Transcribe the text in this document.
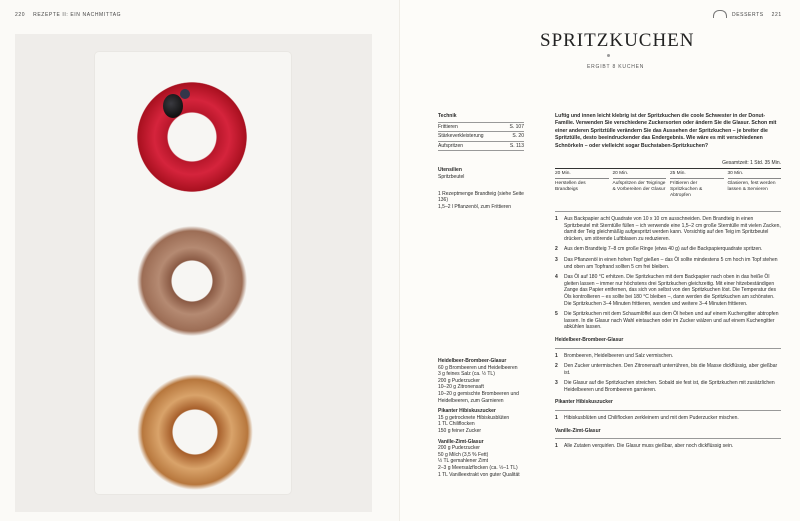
220 REZEPTE II: EIN NACHMITTAG	DESSERTS 221
SPRITZKUCHEN
ERGIBT 8 KUCHEN
Technik
Frittieren	S. 107
Stärkeverkleisterung	S. 20
Aufspritzen	S. 113
Utensilien
Spritzbeutel
1 Rezeptmenge Brandteig (siehe Seite 136)
1,5–2 l Pflanzenöl, zum Frittieren
Heidelbeer-Brombeer-Glasur
60 g Brombeeren und Heidelbeeren
3 g feines Salz (ca. ½ TL)
200 g Puderzucker
10–20 g Zitronensaft
10–20 g gemischte Brombeeren und Heidelbeeren, zum Garnieren
Pikanter Hibiskuszucker
15 g getrocknete Hibiskusblüten
1 TL Chiliflocken
150 g feiner Zucker
Vanille-Zimt-Glasur
200 g Puderzucker
50 g Milch (3,5 % Fett)
½ TL gemahlener Zimt
2–3 g Meersalzflocken (ca. ½–1 TL)
1 TL Vanilleextrakt von guter Qualität
Luftig und innen leicht klebrig ist der Spritzkuchen die coole Schwester in der Donut-Familie. Verwenden Sie verschiedene Zuckersorten oder ändern Sie die Glasur. Schon mit einer anderen Spritztülle verändern Sie das Aussehen der Spritzkuchen – je breiter die Spritztülle, desto beeindruckender das Endergebnis. Wie wäre es mit verschiedenen Schnörkeln – oder vielleicht sogar Buchstaben-Spritzkuchen?
Gesamtzeit: 1 Std. 35 Min.
20 Min.
Herstellen des Brandteigs
20 Min.
Aufspritzen der Teigringe & Vorbereiten der Glasur
25 Min.
Frittieren der Spritzkuchen & Abtropfen
30 Min.
Glasieren, fest werden lassen & Servieren
1	Aus Backpapier acht Quadrate von 10 x 10 cm ausschneiden. Den Brandteig in einen Spritzbeutel mit Sterntülle füllen – ich verwende eine 1,5–2 cm große Sterntülle mit vielen Zacken, damit der Teig gleichmäßig aufgespritzt werden kann. Vorsichtig auf den Teig im Spritzbeutel drücken, um störende Luftblasen zu reduzieren.
2	Aus dem Brandteig 7–8 cm große Ringe (etwa 40 g) auf die Backpapierquadrate spritzen.
3	Das Pflanzenöl in einen hohen Topf gießen – das Öl sollte mindestens 5 cm hoch im Topf stehen und oben am Topfrand sollten 5 cm frei bleiben.
4	Das Öl auf 180 °C erhitzen. Die Spritzkuchen mit dem Backpapier nach oben in das heiße Öl gleiten lassen – immer nur höchstens drei Spritzkuchen gleichzeitig. Mit einer hitzebeständigen Zange das Papier entfernen, das sich von selbst von den Spritzkuchen löst. Die Temperatur des Öls kontrollieren – es sollte bei 180 °C bleiben –, dann werden die Spritzkuchen am schönsten. Die Spritzkuchen 3–4 Minuten frittieren, wenden und weitere 3–4 Minuten frittieren.
5	Die Spritzkuchen mit dem Schaumlöffel aus dem Öl heben und auf einem Kuchengitter abtropfen lassen. In die Glasur nach Wahl eintauchen oder im Zucker wälzen und auf einem Kuchengitter abkühlen lassen.
Heidelbeer-Brombeer-Glasur
1	Brombeeren, Heidelbeeren und Salz vermischen.
2	Den Zucker untermischen. Den Zitronensaft unterrühren, bis die Masse dickflüssig, aber gießbar ist.
3	Die Glasur auf die Spritzkuchen streichen. Sobald sie fest ist, die Spritzkuchen mit zusätzlichen Heidelbeeren und Brombeeren garnieren.
Pikanter Hibiskuszucker
1	Hibiskusblüten und Chiliflocken zerkleinern und mit dem Puderzucker mischen.
Vanille-Zimt-Glasur
1	Alle Zutaten verquirlen. Die Glasur muss gießbar, aber noch dickflüssig sein.
